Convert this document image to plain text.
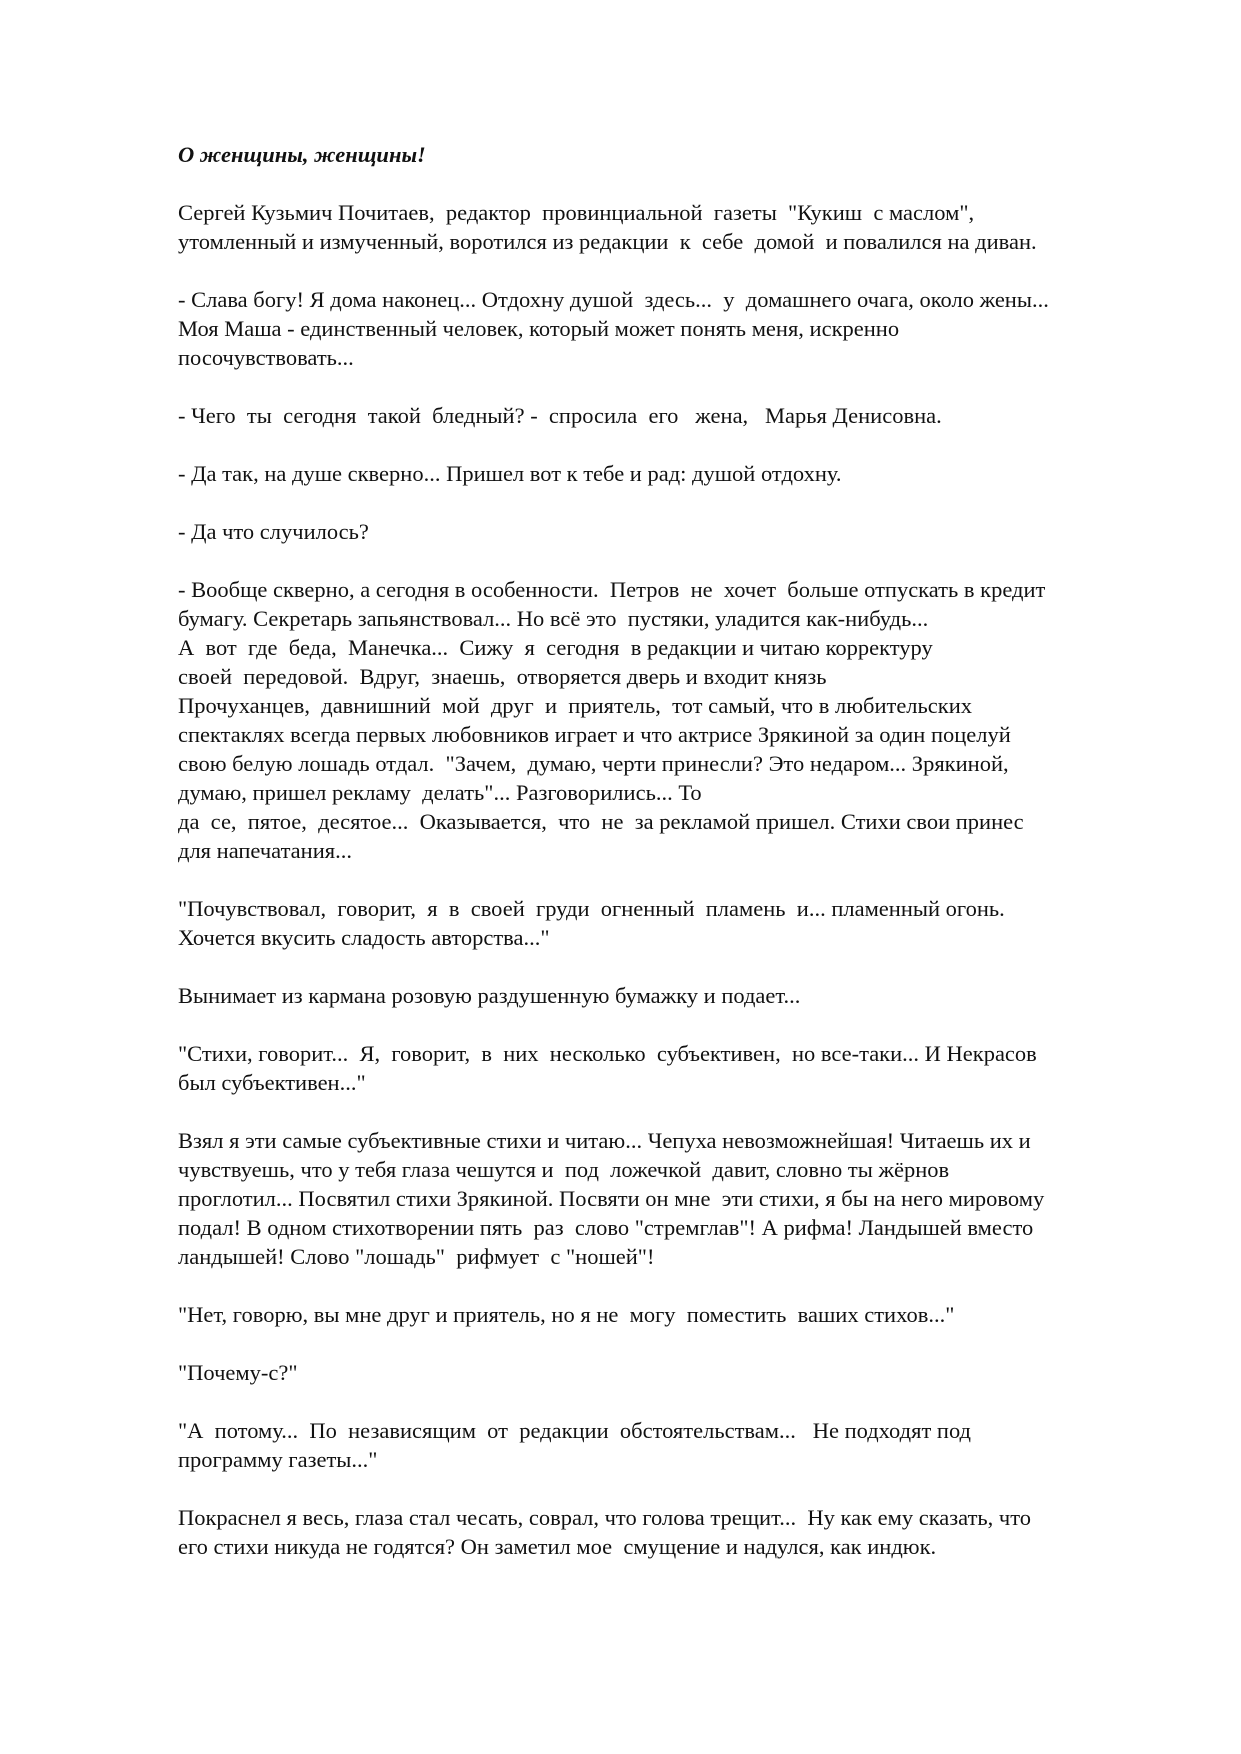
О женщины, женщины!
Сергей Кузьмич Почитаев,  редактор  провинциальной  газеты  "Кукиш  с маслом",
утомленный и измученный, воротился из редакции  к  себе  домой  и повалился на диван.
- Слава богу! Я дома наконец... Отдохну душой  здесь...  у  домашнего очага, около жены...
Моя Маша - единственный человек, который может понять меня, искренно
посочувствовать...
- Чего  ты  сегодня  такой  бледный? -  спросила  его   жена,   Марья Денисовна.
- Да так, на душе скверно... Пришел вот к тебе и рад: душой отдохну.
- Да что случилось?
- Вообще скверно, а сегодня в особенности.  Петров  не  хочет  больше отпускать в кредит
бумагу. Секретарь запьянствовал... Но всё это  пустяки, уладится как-нибудь...
А  вот  где  беда,  Манечка...  Сижу  я  сегодня  в редакции и читаю корректуру
своей  передовой.  Вдруг,  знаешь,  отворяется дверь и входит князь
Прочуханцев,  давнишний  мой  друг  и  приятель,  тот самый, что в любительских
спектаклях всегда первых любовников играет и что актрисе Зрякиной за один поцелуй
свою белую лошадь отдал.  "Зачем,  думаю, черти принесли? Это недаром... Зрякиной,
думаю, пришел рекламу  делать"... Разговорились... То
да  се,  пятое,  десятое...  Оказывается,  что  не  за рекламой пришел. Стихи свои принес
для напечатания...
"Почувствовал,  говорит,  я  в  своей  груди  огненный  пламень  и... пламенный огонь.
Хочется вкусить сладость авторства..."
Вынимает из кармана розовую раздушенную бумажку и подает...
"Стихи, говорит...  Я,  говорит,  в  них  несколько  субъективен,  но все-таки... И Некрасов
был субъективен..."
Взял я эти самые субъективные стихи и читаю... Чепуха невозможнейшая! Читаешь их и
чувствуешь, что у тебя глаза чешутся и  под  ложечкой  давит, словно ты жёрнов
проглотил... Посвятил стихи Зрякиной. Посвяти он мне  эти стихи, я бы на него мировому
подал! В одном стихотворении пять  раз  слово "стремглав"! А рифма! Ландышей вместо
ландышей! Слово "лошадь"  рифмует  с "ношей"!
"Нет, говорю, вы мне друг и приятель, но я не  могу  поместить  ваших стихов..."
"Почему-с?"
"А  потому...  По  независящим  от  редакции  обстоятельствам...   Не подходят под
программу газеты..."
Покраснел я весь, глаза стал чесать, соврал, что голова трещит...  Ну как ему сказать, что
его стихи никуда не годятся? Он заметил мое  смущение и надулся, как индюк.
